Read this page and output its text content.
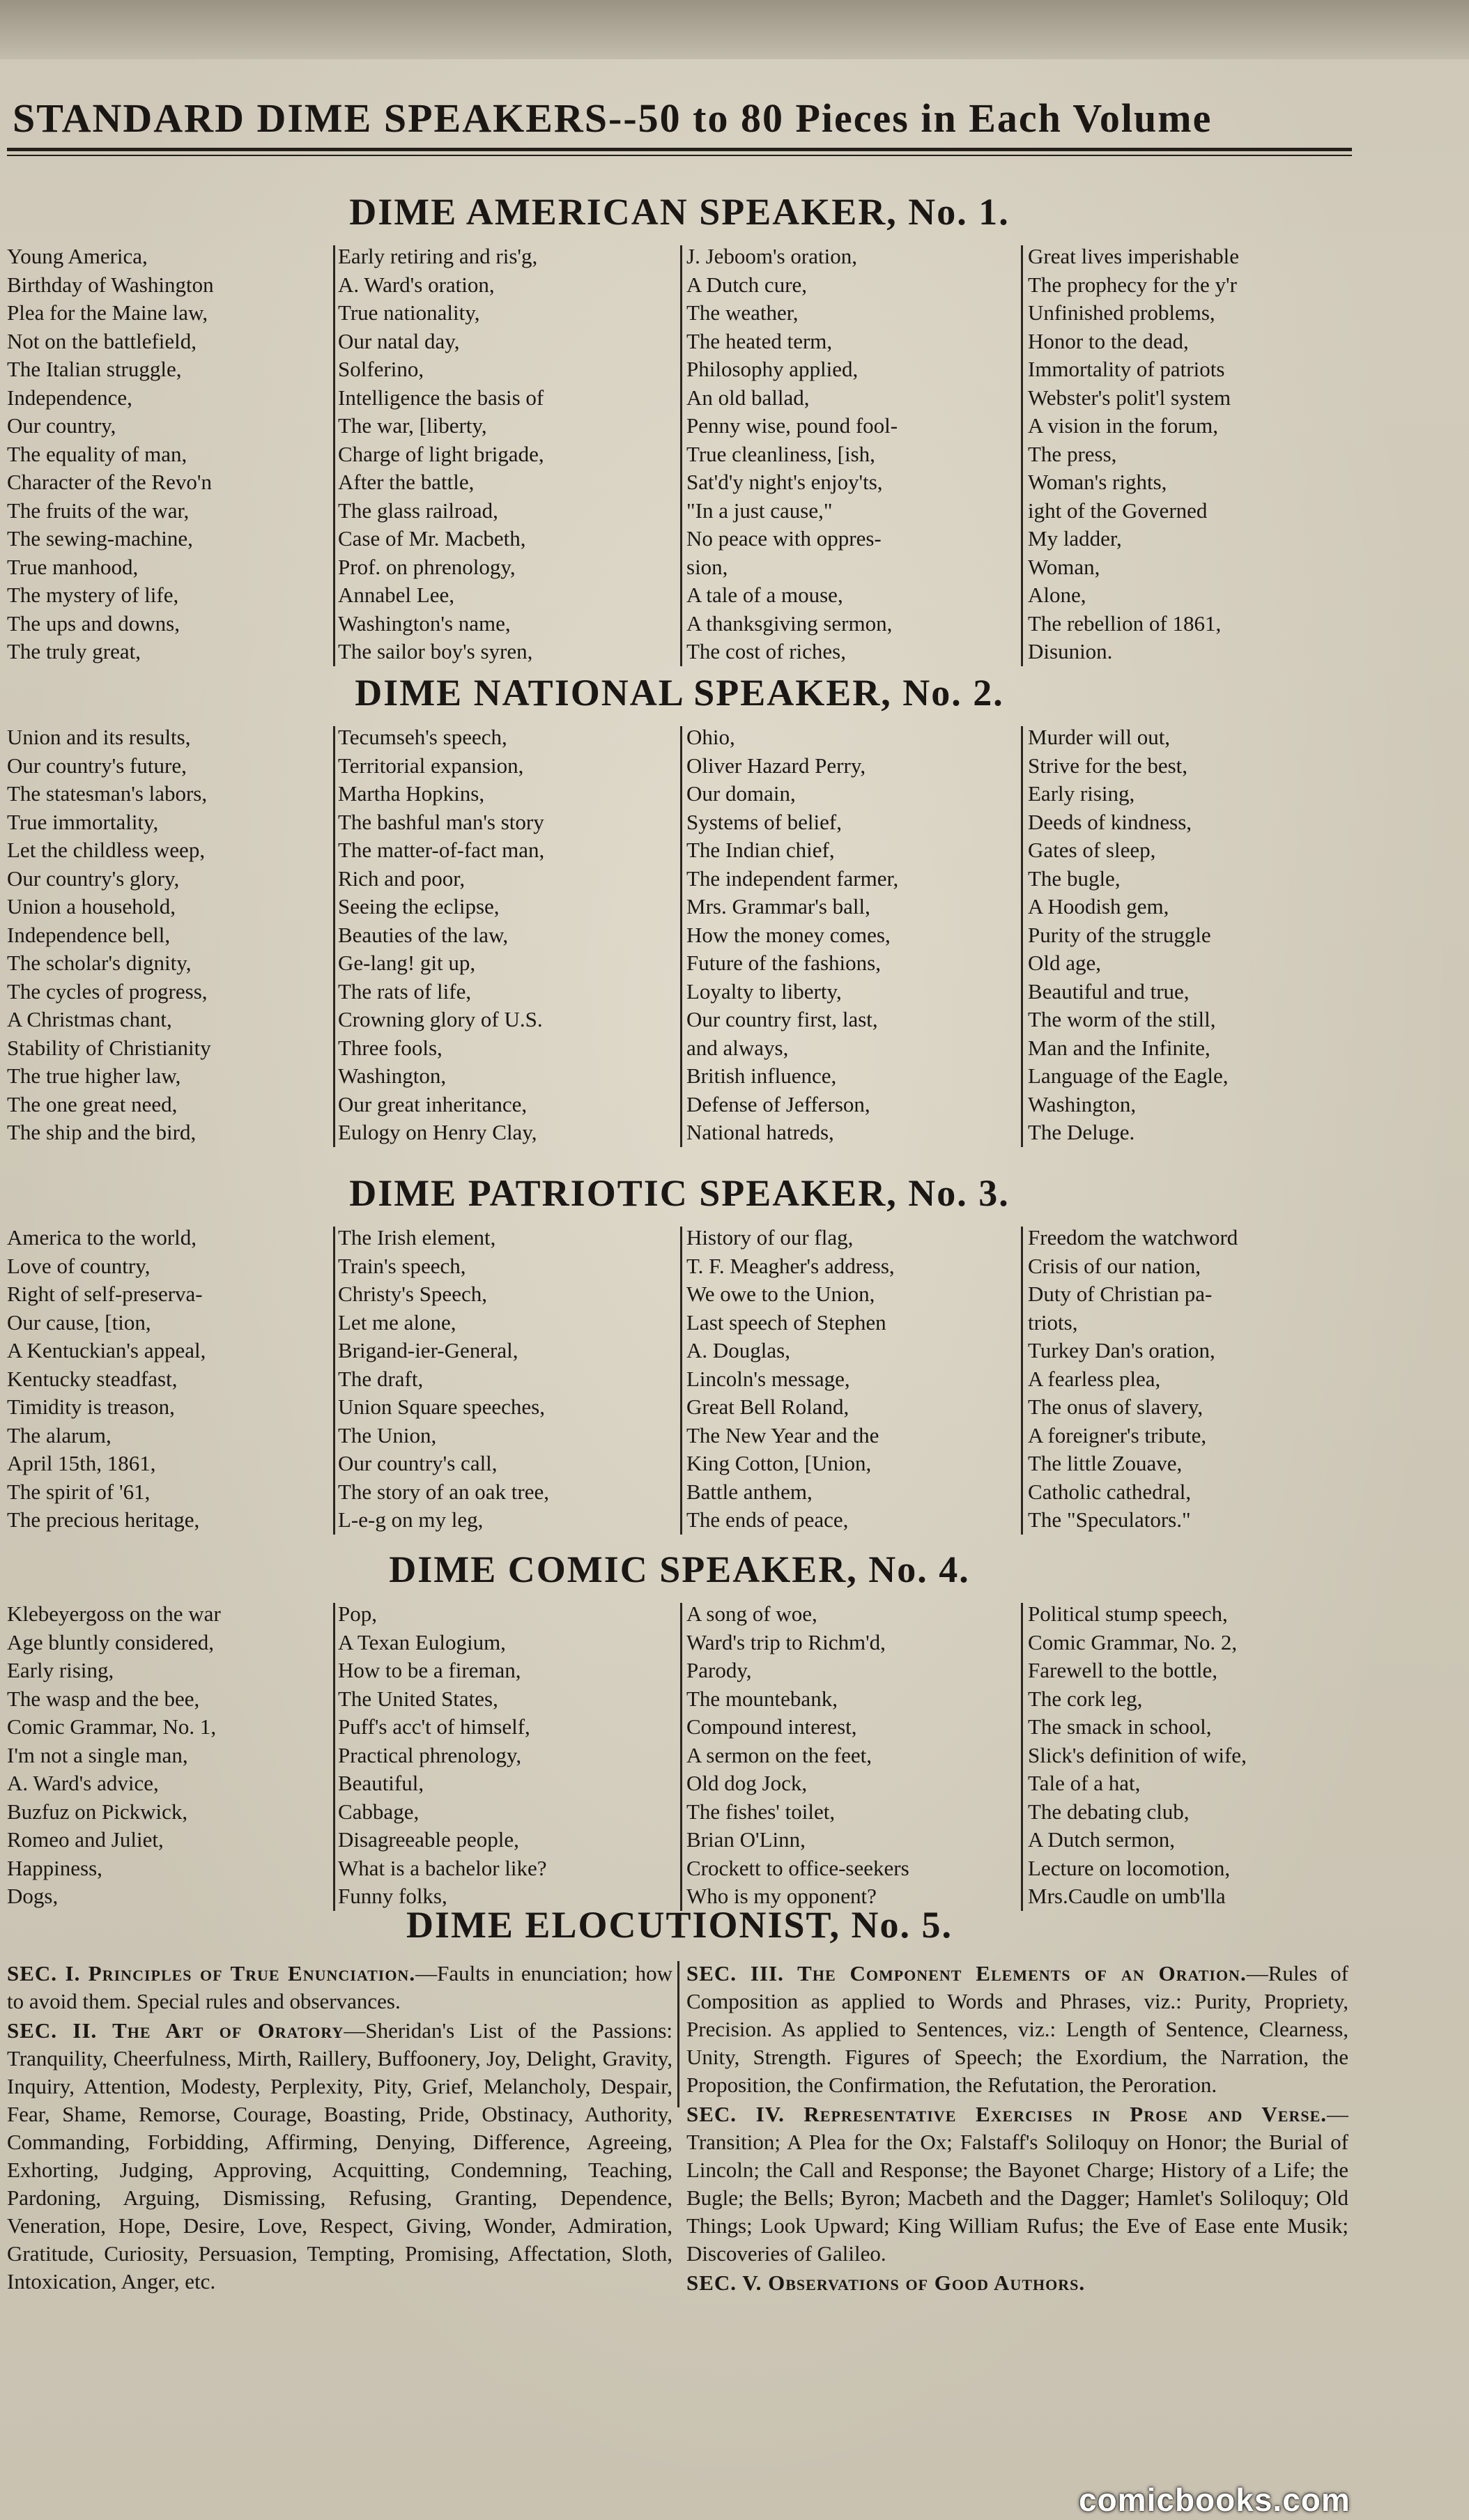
STANDARD DIME SPEAKERS--50 to 80 Pieces in Each Volume
DIME AMERICAN SPEAKER, No. 1.
Young America,
Birthday of Washington
Plea for the Maine law,
Not on the battlefield,
The Italian struggle,
Independence,
Our country,
The equality of man,
Character of the Revo'n
The fruits of the war,
The sewing-machine,
True manhood,
The mystery of life,
The ups and downs,
The truly great,
Early retiring and ris'g,
A. Ward's oration,
True nationality,
Our natal day,
Solferino,
Intelligence the basis of
The war, [liberty,
Charge of light brigade,
After the battle,
The glass railroad,
Case of Mr. Macbeth,
Prof. on phrenology,
Annabel Lee,
Washington's name,
The sailor boy's syren,
J. Jeboom's oration,
A Dutch cure,
The weather,
The heated term,
Philosophy applied,
An old ballad,
Penny wise, pound fool-
True cleanliness, [ish,
Sat'd'y night's enjoy'ts,
"In a just cause,"
No peace with oppres-
sion,
A tale of a mouse,
A thanksgiving sermon,
The cost of riches,
Great lives imperishable
The prophecy for the y'r
Unfinished problems,
Honor to the dead,
Immortality of patriots
Webster's polit'l system
A vision in the forum,
The press,
Woman's rights,
ight of the Governed
My ladder,
Woman,
Alone,
The rebellion of 1861,
Disunion.
DIME NATIONAL SPEAKER, No. 2.
Union and its results,
Our country's future,
The statesman's labors,
True immortality,
Let the childless weep,
Our country's glory,
Union a household,
Independence bell,
The scholar's dignity,
The cycles of progress,
A Christmas chant,
Stability of Christianity
The true higher law,
The one great need,
The ship and the bird,
Tecumseh's speech,
Territorial expansion,
Martha Hopkins,
The bashful man's story
The matter-of-fact man,
Rich and poor,
Seeing the eclipse,
Beauties of the law,
Ge-lang! git up,
The rats of life,
Crowning glory of U.S.
Three fools,
Washington,
Our great inheritance,
Eulogy on Henry Clay,
Ohio,
Oliver Hazard Perry,
Our domain,
Systems of belief,
The Indian chief,
The independent farmer,
Mrs. Grammar's ball,
How the money comes,
Future of the fashions,
Loyalty to liberty,
Our country first, last,
and always,
British influence,
Defense of Jefferson,
National hatreds,
Murder will out,
Strive for the best,
Early rising,
Deeds of kindness,
Gates of sleep,
The bugle,
A Hoodish gem,
Purity of the struggle
Old age,
Beautiful and true,
The worm of the still,
Man and the Infinite,
Language of the Eagle,
Washington,
The Deluge.
DIME PATRIOTIC SPEAKER, No. 3.
America to the world,
Love of country,
Right of self-preserva-
Our cause, [tion,
A Kentuckian's appeal,
Kentucky steadfast,
Timidity is treason,
The alarum,
April 15th, 1861,
The spirit of '61,
The precious heritage,
The Irish element,
Train's speech,
Christy's Speech,
Let me alone,
Brigand-ier-General,
The draft,
Union Square speeches,
The Union,
Our country's call,
The story of an oak tree,
L-e-g on my leg,
History of our flag,
T. F. Meagher's address,
We owe to the Union,
Last speech of Stephen
A. Douglas,
Lincoln's message,
Great Bell Roland,
The New Year and the
King Cotton, [Union,
Battle anthem,
The ends of peace,
Freedom the watchword
Crisis of our nation,
Duty of Christian pa-
triots,
Turkey Dan's oration,
A fearless plea,
The onus of slavery,
A foreigner's tribute,
The little Zouave,
Catholic cathedral,
The "Speculators."
DIME COMIC SPEAKER, No. 4.
Klebeyergoss on the war
Age bluntly considered,
Early rising,
The wasp and the bee,
Comic Grammar, No. 1,
I'm not a single man,
A. Ward's advice,
Buzfuz on Pickwick,
Romeo and Juliet,
Happiness,
Dogs,
Pop,
A Texan Eulogium,
How to be a fireman,
The United States,
Puff's acc't of himself,
Practical phrenology,
Beautiful,
Cabbage,
Disagreeable people,
What is a bachelor like?
Funny folks,
A song of woe,
Ward's trip to Richm'd,
Parody,
The mountebank,
Compound interest,
A sermon on the feet,
Old dog Jock,
The fishes' toilet,
Brian O'Linn,
Crockett to office-seekers
Who is my opponent?
Political stump speech,
Comic Grammar, No. 2,
Farewell to the bottle,
The cork leg,
The smack in school,
Slick's definition of wife,
Tale of a hat,
The debating club,
A Dutch sermon,
Lecture on locomotion,
Mrs.Caudle on umb'lla
DIME ELOCUTIONIST, No. 5.
SEC. I. Principles of True Enunciation.—Faults in enunciation; how to avoid them. Special rules and observances.
SEC. II. The Art of Oratory—Sheridan's List of the Passions: Tranquility, Cheerfulness, Mirth, Raillery, Buffoonery, Joy, Delight, Gravity, Inquiry, Attention, Modesty, Perplexity, Pity, Grief, Melancholy, Despair, Fear, Shame, Remorse, Courage, Boasting, Pride, Obstinacy, Authority, Commanding, Forbidding, Affirming, Denying, Difference, Agreeing, Exhorting, Judging, Approving, Acquitting, Condemning, Teaching, Pardoning, Arguing, Dismissing, Refusing, Granting, Dependence, Veneration, Hope, Desire, Love, Respect, Giving, Wonder, Admiration, Gratitude, Curiosity, Persuasion, Tempting, Promising, Affectation, Sloth, Intoxication, Anger, etc.
SEC. III. The Component Elements of an Oration.—Rules of Composition as applied to Words and Phrases, viz.: Purity, Propriety, Precision. As applied to Sentences, viz.: Length of Sentence, Clearness, Unity, Strength. Figures of Speech; the Exordium, the Narration, the Proposition, the Confirmation, the Refutation, the Peroration.
SEC. IV. Representative Exercises in Prose and Verse.—Transition; A Plea for the Ox; Falstaff's Soliloquy on Honor; the Burial of Lincoln; the Call and Response; the Bayonet Charge; History of a Life; the Bugle; the Bells; Byron; Macbeth and the Dagger; Hamlet's Soliloquy; Old Things; Look Upward; King William Rufus; the Eve of Ease ente Musik; Discoveries of Galileo.
SEC. V. Observations of Good Authors.
comicbooks.com
